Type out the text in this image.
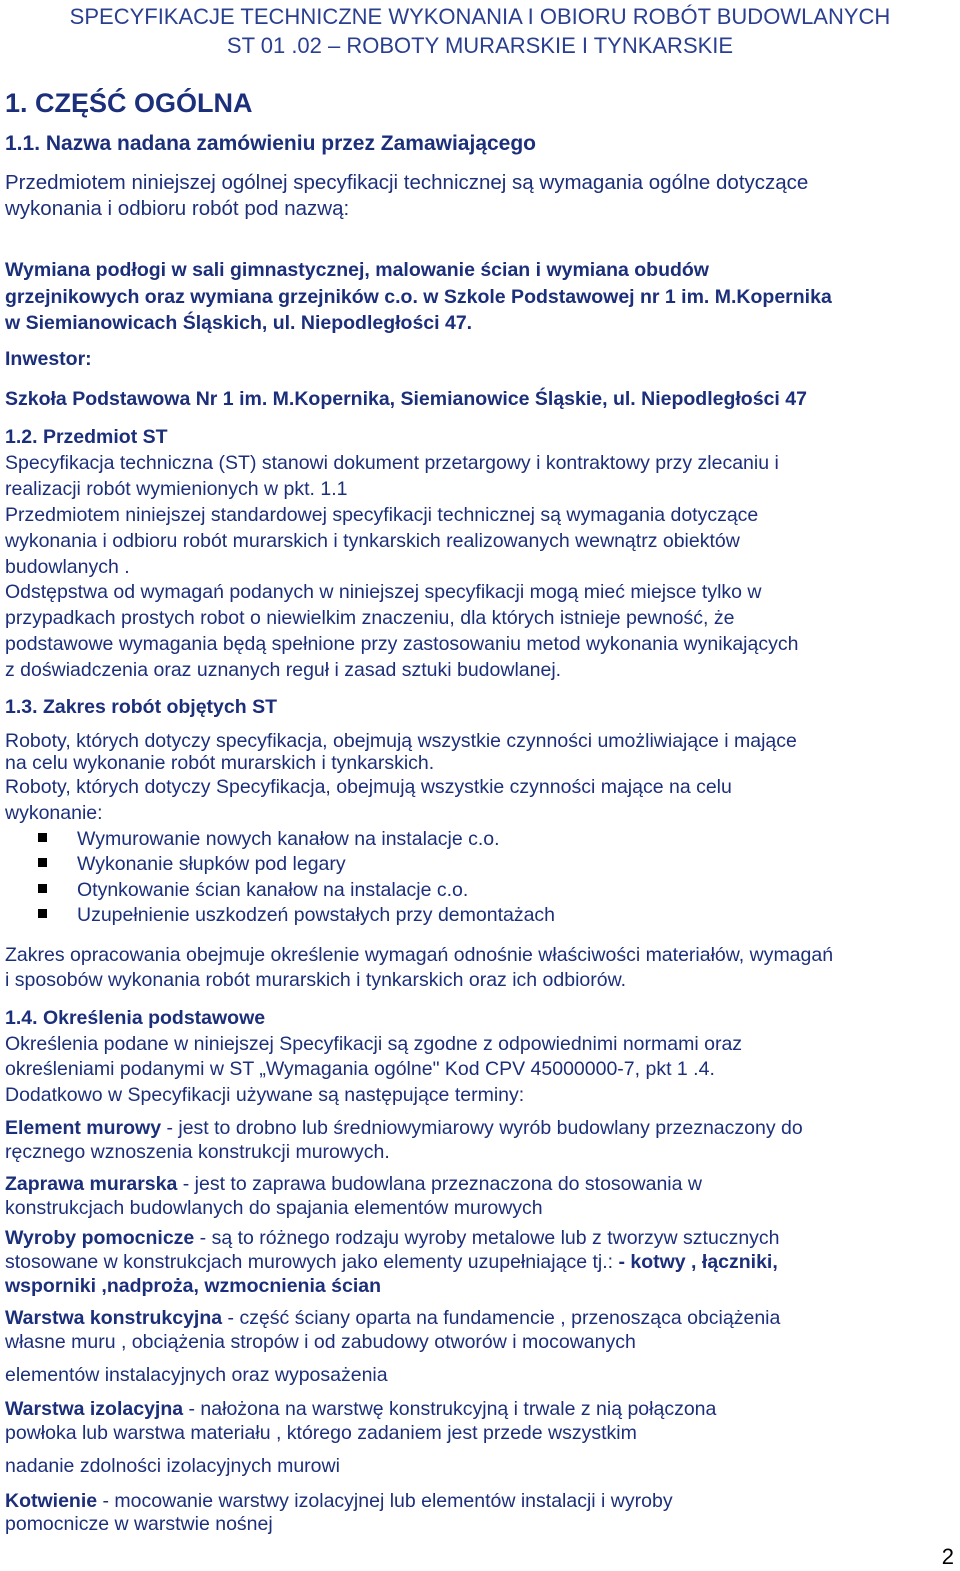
SPECYFIKACJE TECHNICZNE WYKONANIA I OBIORU ROBÓT BUDOWLANYCH
ST 01 .02 – ROBOTY MURARSKIE I TYNKARSKIE
1. CZĘŚĆ OGÓLNA
1.1. Nazwa nadana zamówieniu przez Zamawiającego
Przedmiotem niniejszej ogólnej specyfikacji technicznej są wymagania ogólne dotyczące
wykonania i odbioru robót pod nazwą:
Wymiana podłogi w sali gimnastycznej, malowanie ścian i wymiana obudów
grzejnikowych oraz wymiana grzejników c.o. w Szkole Podstawowej nr 1 im. M.Kopernika
w Siemianowicach Śląskich, ul. Niepodległości 47.
Inwestor:
Szkoła Podstawowa Nr 1 im. M.Kopernika, Siemianowice Śląskie, ul. Niepodległości 47
1.2. Przedmiot ST
Specyfikacja techniczna (ST) stanowi dokument przetargowy i kontraktowy przy zlecaniu i
realizacji robót wymienionych w pkt. 1.1
Przedmiotem niniejszej standardowej specyfikacji technicznej są wymagania dotyczące
wykonania i odbioru robót murarskich i tynkarskich realizowanych wewnątrz obiektów
budowlanych .
Odstępstwa od wymagań podanych w niniejszej specyfikacji mogą mieć miejsce tylko w
przypadkach prostych robot o niewielkim znaczeniu, dla których istnieje pewność, że
podstawowe wymagania będą spełnione przy zastosowaniu metod wykonania wynikających
z doświadczenia oraz uznanych reguł i zasad sztuki budowlanej.
1.3. Zakres robót objętych ST
Roboty, których dotyczy specyfikacja, obejmują wszystkie czynności umożliwiające i mające
na celu wykonanie robót murarskich i tynkarskich.
Roboty, których dotyczy Specyfikacja, obejmują wszystkie czynności mające na celu
wykonanie:
Wymurowanie nowych kanałow na instalacje c.o.
Wykonanie słupków pod legary
Otynkowanie ścian kanałow na instalacje c.o.
Uzupełnienie uszkodzeń powstałych przy demontażach
Zakres opracowania obejmuje określenie wymagań odnośnie właściwości materiałów, wymagań
i sposobów wykonania robót murarskich i tynkarskich oraz ich odbiorów.
1.4. Określenia podstawowe
Określenia podane w niniejszej Specyfikacji są zgodne z odpowiednimi normami oraz
określeniami podanymi w ST „Wymagania ogólne" Kod CPV 45000000-7, pkt 1 .4.
Dodatkowo w Specyfikacji używane są następujące terminy:
Element murowy - jest to drobno lub średniowymiarowy wyrób budowlany przeznaczony do
ręcznego wznoszenia konstrukcji murowych.
Zaprawa murarska - jest to zaprawa budowlana przeznaczona do stosowania w
konstrukcjach budowlanych do spajania elementów murowych
Wyroby pomocnicze - są to różnego rodzaju wyroby metalowe lub z tworzyw sztucznych
stosowane w konstrukcjach murowych jako elementy uzupełniające tj.: - kotwy , łączniki,
wsporniki ,nadproża, wzmocnienia ścian
Warstwa konstrukcyjna - część ściany oparta na fundamencie , przenosząca obciążenia
własne muru , obciążenia stropów i od zabudowy otworów i mocowanych
elementów instalacyjnych oraz wyposażenia
Warstwa izolacyjna - nałożona na warstwę konstrukcyjną i trwale z nią połączona
powłoka lub warstwa materiału , którego zadaniem jest przede wszystkim
nadanie zdolności izolacyjnych murowi
Kotwienie - mocowanie warstwy izolacyjnej lub elementów instalacji i wyroby
pomocnicze w warstwie nośnej
2
